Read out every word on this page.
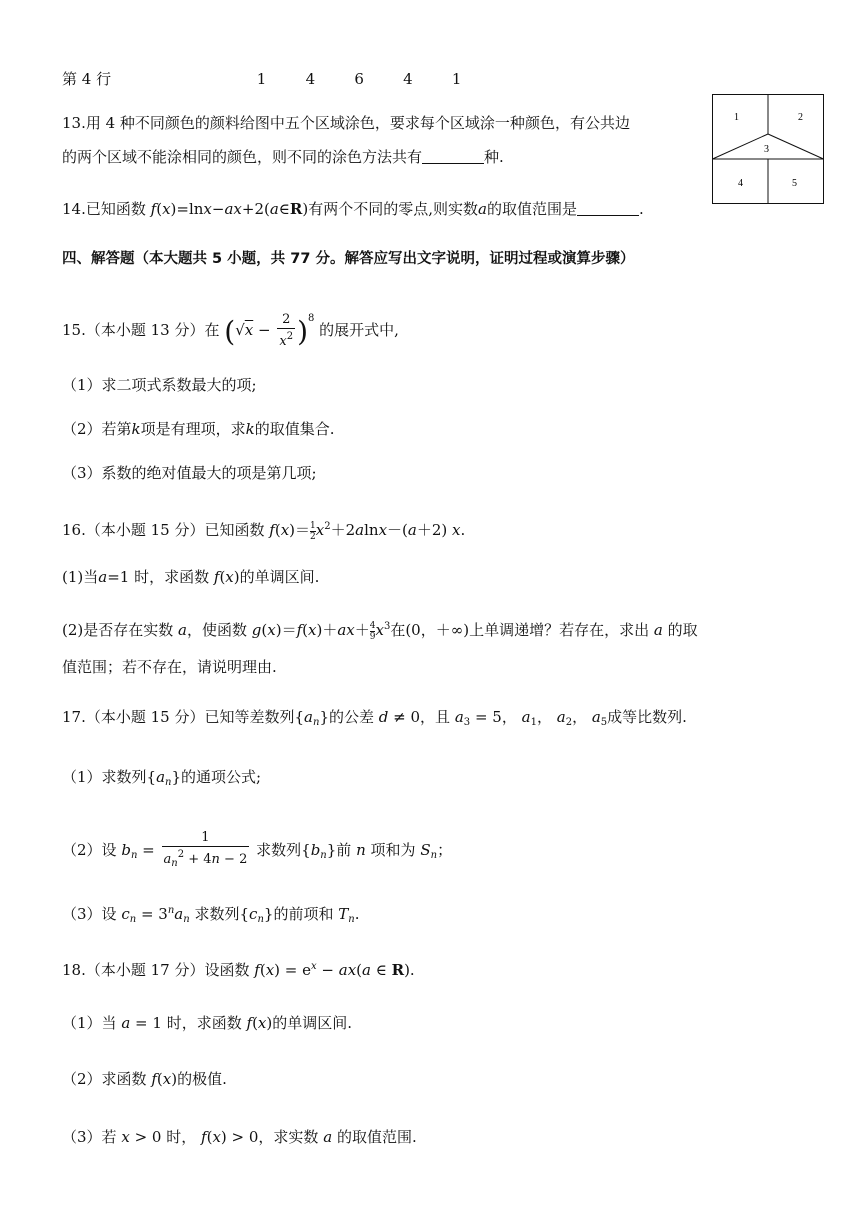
第 4 行	1	4	6	4	1
13.用 4 种不同颜色的颜料给图中五个区域涂色，要求每个区域涂一种颜色，有公共边
的两个区域不能涂相同的颜色，则不同的涂色方法共有	种.
1	2
3
4	5
14.已知函数 f(x)=lnx−ax+2(a∈R)有两个不同的零点,则实数a的取值范围是	.
四、解答题（本大题共 5 小题，共 77 分。解答应写出文字说明，证明过程或演算步骤）
15.（本小题 13 分）在 $(√x - \frac{2}{x^2} )^8$ 的展开式中,
（1）求二项式系数最大的项;
（2）若第k项是有理项，求k的取值集合.
（3）系数的绝对值最大的项是第几项;
16.（本小题 15 分）已知函数 $f(x)= \frac{1}{2}x^2+2alnx-(a+2)$ x.
(1)当a=1 时，求函数 f(x)的单调区间.
(2)是否存在实数 a，使函数 $g(x)=f(x)+ax+ \frac{4}{9}x^3$在(0，＋∞)上单调递增？若存在，求出 a 的取
值范围；若不存在，请说明理由.
17.（本小题 15 分）已知等差数列$\{a_n\}$的公差 d ≠ 0，且 $a_3 = 5$， $a_1$， $a_2$， $a_5$成等比数列.
（1）求数列$\{a_n\}$的通项公式;
（2）设 $b_n = \frac{1}{a_n^2 + 4n - 2}$ 求数列$\{b_n\}$前 n 项和为 $S_n$；
（3）设 $c_n = 3^na_n$ 求数列$\{c_n\}$的前项和 $T_n$.
18.（本小题 17 分）设函数 $f(x) = e^x - ax(a$ ∈ R).
（1）当 a = 1 时，求函数 f(x)的单调区间.
（2）求函数 f(x)的极值.
（3）若 x > 0 时， f(x) > 0，求实数 a 的取值范围.
